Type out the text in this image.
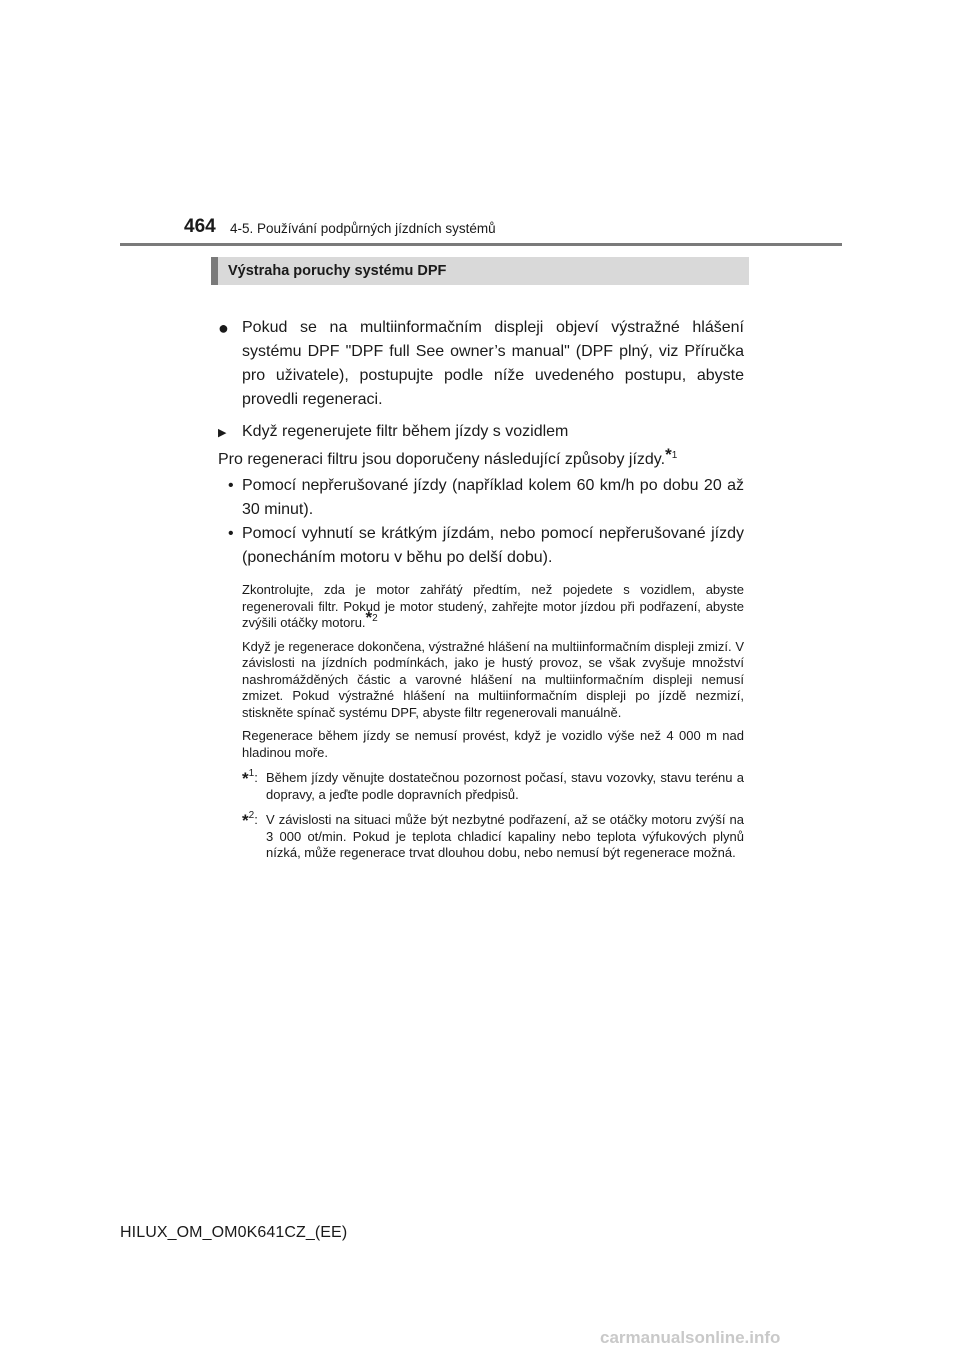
464 4-5. Používání podpůrných jízdních systémů
Výstraha poruchy systému DPF
● Pokud se na multiinformačním displeji objeví výstražné hlášení systému DPF "DPF full See owner’s manual" (DPF plný, viz Příručka pro uživatele), postupujte podle níže uvedeného postupu, abyste provedli regeneraci.

▶ Když regenerujete filtr během jízdy s vozidlem

Pro regeneraci filtru jsou doporučeny následující způsoby jízdy.$^{*1}$

• Pomocí nepřerušované jízdy (například kolem 60 km/h po dobu 20 až 30 minut).

• Pomocí vyhnutí se krátkým jízdám, nebo pomocí nepřerušované jízdy (ponecháním motoru v běhu po delší dobu).

Zkontrolujte, zda je motor zahřátý předtím, než pojedete s vozidlem, abyste regenerovali filtr. Pokud je motor studený, zahřejte motor jízdou při podřazení, abyste zvýšili otáčky motoru.$^{*2}$

Když je regenerace dokončena, výstražné hlášení na multiinformačním displeji zmizí. V závislosti na jízdních podmínkách, jako je hustý provoz, se však zvyšuje množství nashromážděných částic a varovné hlášení na multiinformačním displeji nemusí zmizet. Pokud výstražné hlášení na multiinformačním displeji po jízdě nezmizí, stiskněte spínač systému DPF, abyste filtr regenerovali manuálně.

Regenerace během jízdy se nemusí provést, když je vozidlo výše než 4 000 m nad hladinou moře.

*$^1$: Během jízdy věnujte dostatečnou pozornost počasí, stavu vozovky, stavu terénu a dopravy, a jeďte podle dopravních předpisů.

*$^2$: V závislosti na situaci může být nezbytné podřazení, až se otáčky motoru zvýší na 3 000 ot/min. Pokud je teplota chladicí kapaliny nebo teplota výfukových plynů nízká, může regenerace trvat dlouhou dobu, nebo nemusí být regenerace možná.

HILUX_OM_OM0K641CZ_(EE)
carmanualsonline.info
